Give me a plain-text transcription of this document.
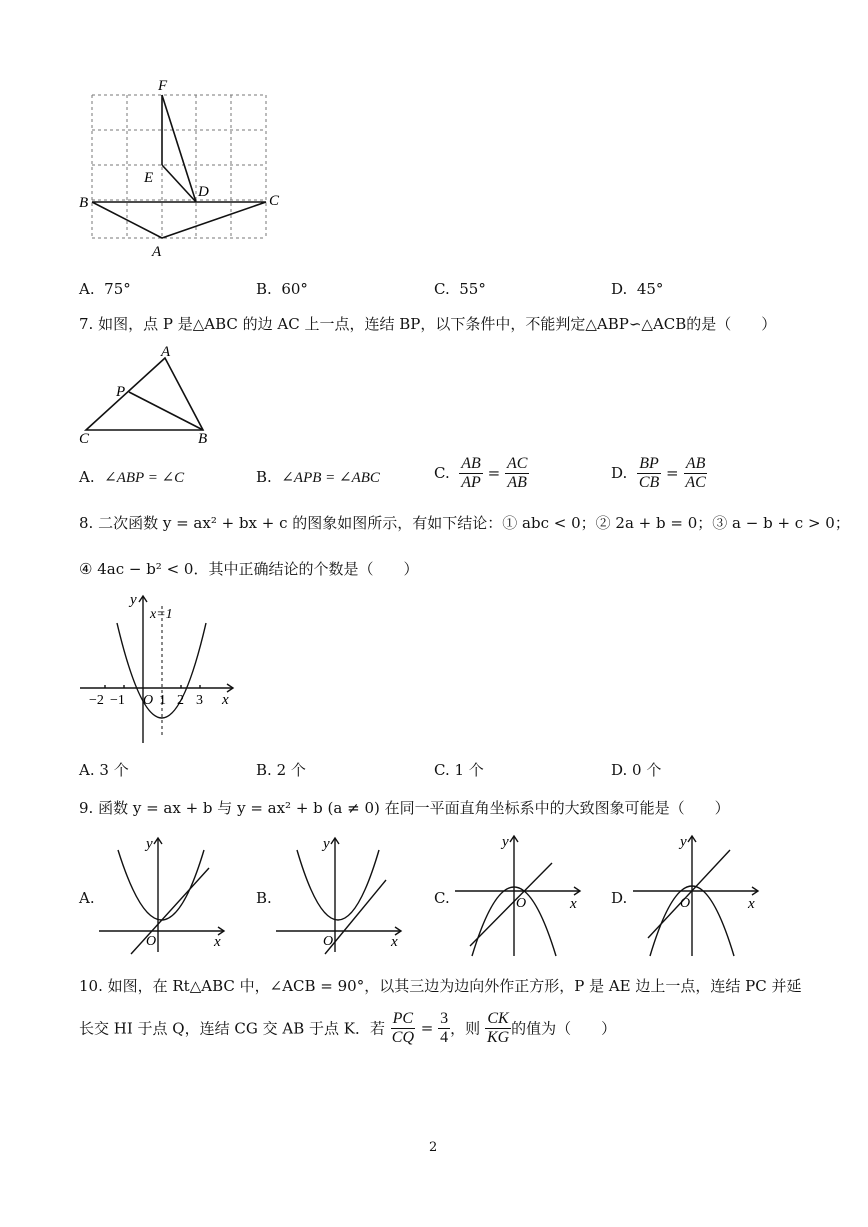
F
E
D
B	C
A
A. 75°	B. 60°	C. 55°	D. 45°
7. 如图，点 P 是△ABC 的边 AC 上一点，连结 BP，以下条件中，不能判定△ABP∽△ACB的是（　　）
A
P
C	B
A. ∠ABP = ∠C	B. ∠APB = ∠ABC	C. $\frac{AB}{AP} = \frac{AC}{AB}$	D. $\frac{BP}{CB} = \frac{AB}{AC}$
8. 二次函数 y = ax² + bx + c 的图象如图所示，有如下结论：① abc < 0；② 2a + b = 0；③ a − b + c > 0；
④ 4ac − b² < 0．其中正确结论的个数是（　　）
y
x=1
−2 −1 O 1 2 3 x
A. 3 个	B. 2 个	C. 1 个	D. 0 个
9. 函数 y = ax + b 与 y = ax² + b (a ≠ 0) 在同一平面直角坐标系中的大致图象可能是（　　）
A.
y
O	x
B.
y
O	x
C.
y
O	x D.
y
O	x
10. 如图，在 Rt△ABC 中，∠ACB = 90°，以其三边为边向外作正方形，P 是 AE 边上一点，连结 PC 并延
长交 HI 于点 Q，连结 CG 交 AB 于点 K．若 $\frac{PC}{CQ} = \frac{3}{4}$ ，则 $\frac{CK}{KG}$ 的值为（　　）
2
